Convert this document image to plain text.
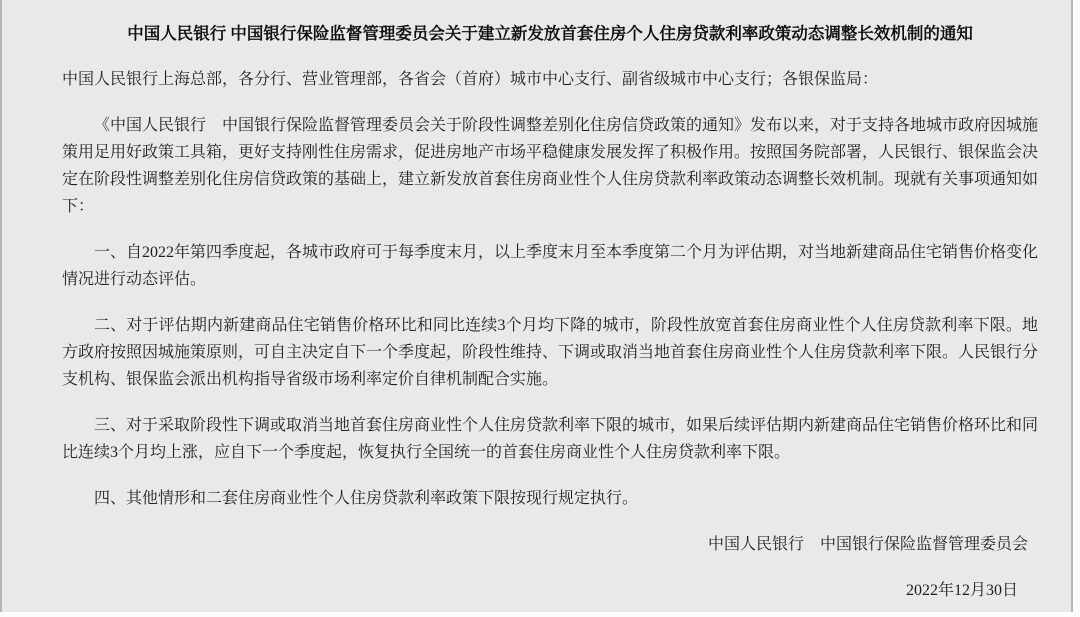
中国人民银行 中国银行保险监督管理委员会关于建立新发放首套住房个人住房贷款利率政策动态调整长效机制的通知

中国人民银行上海总部，各分行、营业管理部，各省会（首府）城市中心支行、副省级城市中心支行；各银保监局：

《中国人民银行　中国银行保险监督管理委员会关于阶段性调整差别化住房信贷政策的通知》发布以来，对于支持各地城市政府因城施策用足用好政策工具箱，更好支持刚性住房需求，促进房地产市场平稳健康发展发挥了积极作用。按照国务院部署，人民银行、银保监会决定在阶段性调整差别化住房信贷政策的基础上，建立新发放首套住房商业性个人住房贷款利率政策动态调整长效机制。现就有关事项通知如下：

一、自2022年第四季度起，各城市政府可于每季度末月，以上季度末月至本季度第二个月为评估期，对当地新建商品住宅销售价格变化情况进行动态评估。

二、对于评估期内新建商品住宅销售价格环比和同比连续3个月均下降的城市，阶段性放宽首套住房商业性个人住房贷款利率下限。地方政府按照因城施策原则，可自主决定自下一个季度起，阶段性维持、下调或取消当地首套住房商业性个人住房贷款利率下限。人民银行分支机构、银保监会派出机构指导省级市场利率定价自律机制配合实施。

三、对于采取阶段性下调或取消当地首套住房商业性个人住房贷款利率下限的城市，如果后续评估期内新建商品住宅销售价格环比和同比连续3个月均上涨，应自下一个季度起，恢复执行全国统一的首套住房商业性个人住房贷款利率下限。

四、其他情形和二套住房商业性个人住房贷款利率政策下限按现行规定执行。

中国人民银行　中国银行保险监督管理委员会

2022年12月30日
